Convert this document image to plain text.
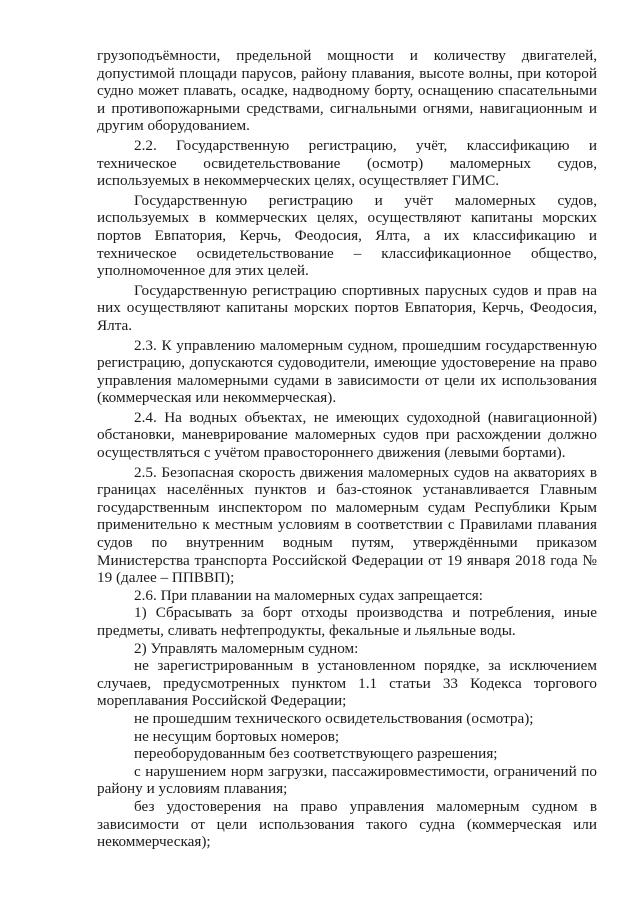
грузоподъёмности, предельной мощности и количеству двигателей, допустимой площади парусов, району плавания, высоте волны, при которой судно может плавать, осадке, надводному борту, оснащению спасательными и противопожарными средствами, сигнальными огнями, навигационным и другим оборудованием.

2.2. Государственную регистрацию, учёт, классификацию и техническое освидетельствование (осмотр) маломерных судов, используемых в некоммерческих целях, осуществляет ГИМС.

Государственную регистрацию и учёт маломерных судов, используемых в коммерческих целях, осуществляют капитаны морских портов Евпатория, Керчь, Феодосия, Ялта, а их классификацию и техническое освидетельствование – классификационное общество, уполномоченное для этих целей.

Государственную регистрацию спортивных парусных судов и прав на них осуществляют капитаны морских портов Евпатория, Керчь, Феодосия, Ялта.

2.3. К управлению маломерным судном, прошедшим государственную регистрацию, допускаются судоводители, имеющие удостоверение на право управления маломерными судами в зависимости от цели их использования (коммерческая или некоммерческая).

2.4. На водных объектах, не имеющих судоходной (навигационной) обстановки, маневрирование маломерных судов при расхождении должно осуществляться с учётом правостороннего движения (левыми бортами).

2.5. Безопасная скорость движения маломерных судов на акваториях в границах населённых пунктов и баз-стоянок устанавливается Главным государственным инспектором по маломерным судам Республики Крым применительно к местным условиям в соответствии с Правилами плавания судов по внутренним водным путям, утверждёнными приказом Министерства транспорта Российской Федерации от 19 января 2018 года № 19 (далее – ППВВП);

2.6. При плавании на маломерных судах запрещается:

1) Сбрасывать за борт отходы производства и потребления, иные предметы, сливать нефтепродукты, фекальные и льяльные воды.

2) Управлять маломерным судном:

не зарегистрированным в установленном порядке, за исключением случаев, предусмотренных пунктом 1.1 статьи 33 Кодекса торгового мореплавания Российской Федерации;

не прошедшим технического освидетельствования (осмотра);

не несущим бортовых номеров;

переоборудованным без соответствующего разрешения;

с нарушением норм загрузки, пассажировместимости, ограничений по району и условиям плавания;

без удостоверения на право управления маломерным судном в зависимости от цели использования такого судна (коммерческая или некоммерческая);
